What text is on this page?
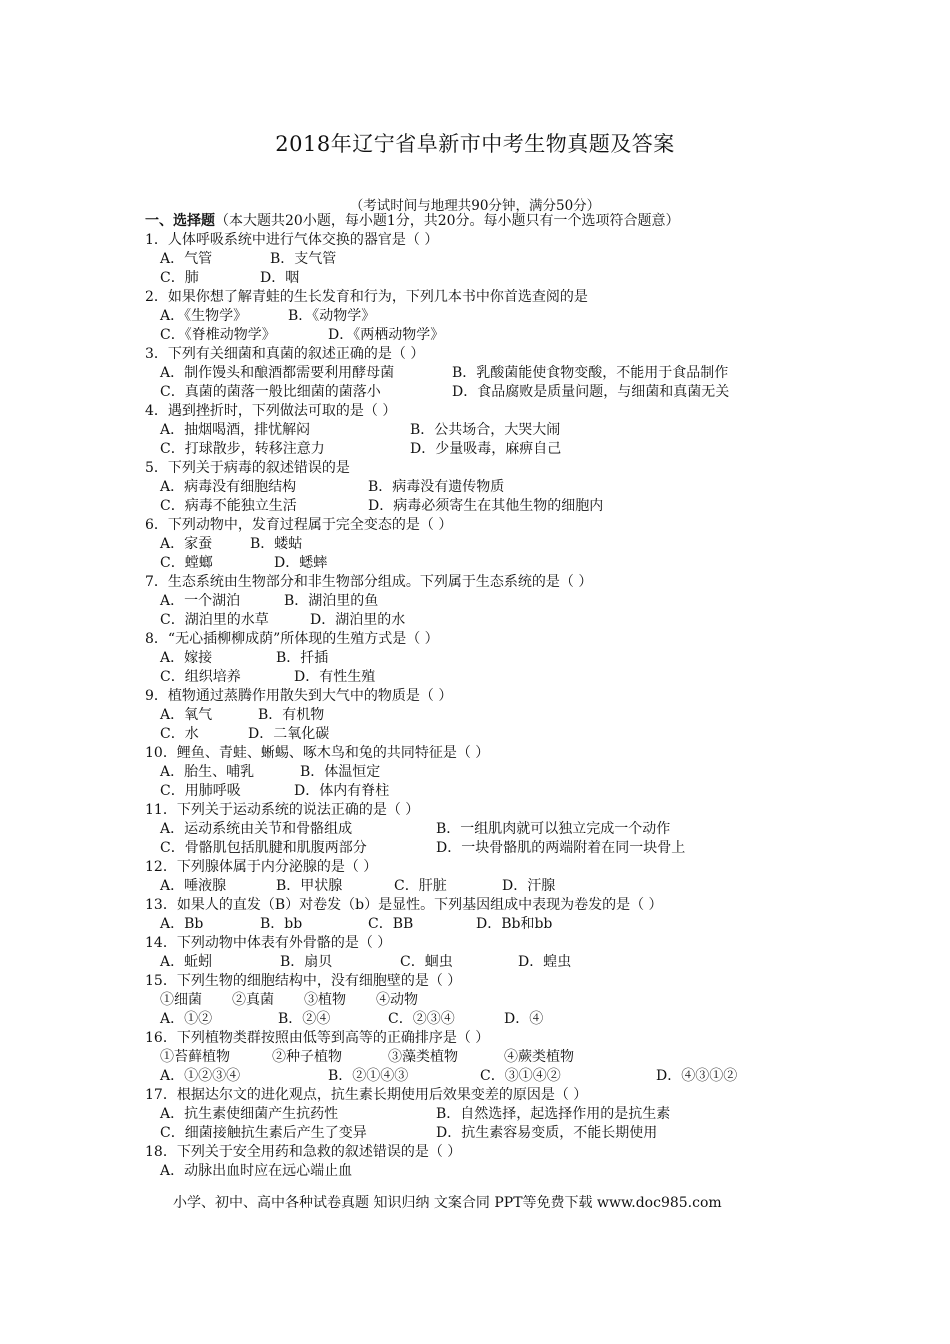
2018年辽宁省阜新市中考生物真题及答案
（考试时间与地理共90分钟，满分50分）
一、选择题（本大题共20小题，每小题1分，共20分。每小题只有一个选项符合题意）
1．人体呼吸系统中进行气体交换的器官是（ ）
A．气管	B．支气管
C．肺	D．咽
2．如果你想了解青蛙的生长发育和行为，下列几本书中你首选查阅的是
A．《生物学》	B．《动物学》
C．《脊椎动物学》	D．《两栖动物学》
3．下列有关细菌和真菌的叙述正确的是（ ）
A．制作馒头和酿酒都需要利用酵母菌	B．乳酸菌能使食物变酸，不能用于食品制作
C．真菌的菌落一般比细菌的菌落小	D．食品腐败是质量问题，与细菌和真菌无关
4．遇到挫折时，下列做法可取的是（ ）
A．抽烟喝酒，排忧解闷	B．公共场合，大哭大闹
C．打球散步，转移注意力	D．少量吸毒，麻痹自己
5．下列关于病毒的叙述错误的是
A．病毒没有细胞结构	B．病毒没有遗传物质
C．病毒不能独立生活	D．病毒必须寄生在其他生物的细胞内
6．下列动物中，发育过程属于完全变态的是（ ）
A．家蚕	B．蝼蛄
C．螳螂	D．蟋蟀
7．生态系统由生物部分和非生物部分组成。下列属于生态系统的是（ ）
A．一个湖泊	B．湖泊里的鱼
C．湖泊里的水草	D．湖泊里的水
8．“无心插柳柳成荫”所体现的生殖方式是（ ）
A．嫁接	B．扦插
C．组织培养	D．有性生殖
9．植物通过蒸腾作用散失到大气中的物质是（ ）
A．氧气	B．有机物
C．水	D．二氧化碳
10．鲤鱼、青蛙、蜥蜴、啄木鸟和兔的共同特征是（ ）
A．胎生、哺乳	B．体温恒定
C．用肺呼吸	D．体内有脊柱
11．下列关于运动系统的说法正确的是（ ）
A．运动系统由关节和骨骼组成	B．一组肌肉就可以独立完成一个动作
C．骨骼肌包括肌腱和肌腹两部分	D．一块骨骼肌的两端附着在同一块骨上
12．下列腺体属于内分泌腺的是（ ）
A．唾液腺	B．甲状腺	C．肝脏	D．汗腺
13．如果人的直发（B）对卷发（b）是显性。下列基因组成中表现为卷发的是（ ）
A．Bb	B．bb	C．BB	D．Bb和bb
14．下列动物中体表有外骨骼的是（ ）
A．蚯蚓	B．扇贝	C．蛔虫	D．蝗虫
15．下列生物的细胞结构中，没有细胞壁的是（ ）
①细菌 ②真菌 ③植物 ④动物
A．①②	B．②④	C．②③④	D．④
16．下列植物类群按照由低等到高等的正确排序是（ ）
①苔藓植物	②种子植物	③藻类植物	④蕨类植物
A．①②③④	B．②①④③	C．③①④②	D．④③①②
17．根据达尔文的进化观点，抗生素长期使用后效果变差的原因是（ ）
A．抗生素使细菌产生抗药性	B．自然选择，起选择作用的是抗生素
C．细菌接触抗生素后产生了变异	D．抗生素容易变质，不能长期使用
18．下列关于安全用药和急救的叙述错误的是（ ）
A．动脉出血时应在远心端止血
小学、初中、高中各种试卷真题 知识归纳 文案合同 PPT等免费下载 www.doc985.com
